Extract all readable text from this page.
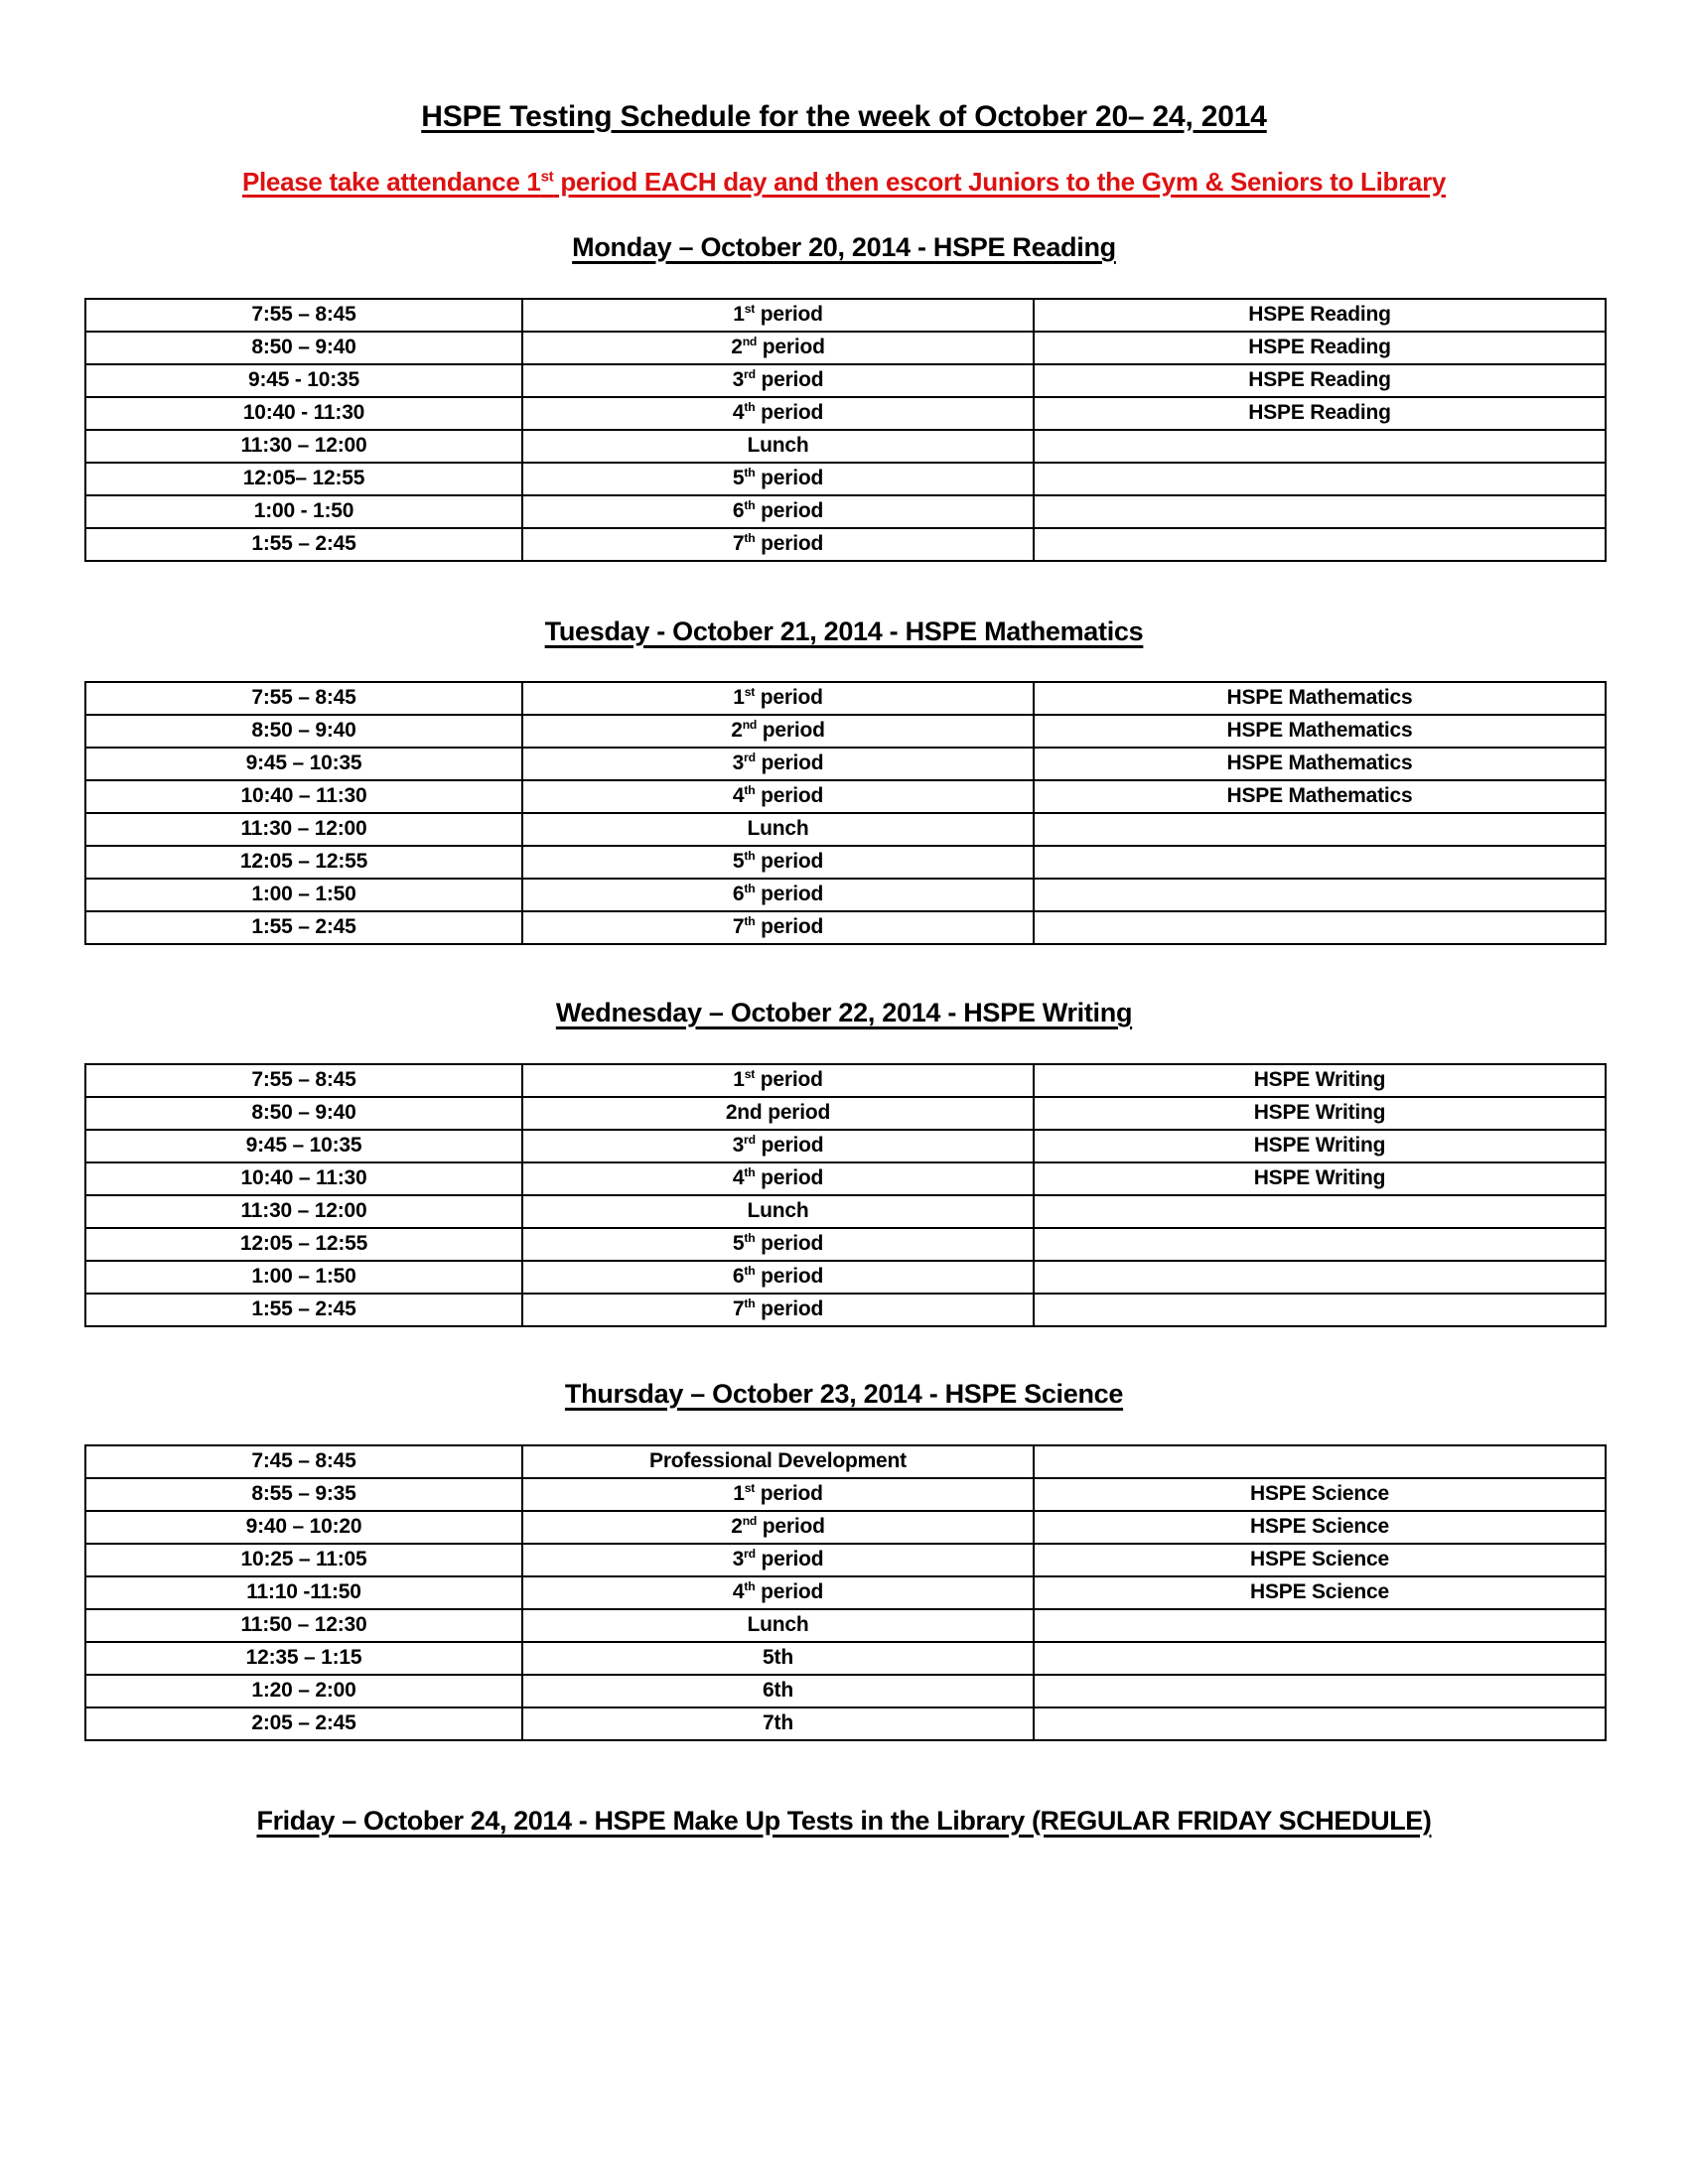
HSPE Testing Schedule for the week of October 20– 24, 2014
Please take attendance 1st period EACH day and then escort Juniors to the Gym & Seniors to Library
Monday – October 20, 2014 - HSPE Reading
7:55 – 8:45	1st period	HSPE Reading
8:50 – 9:40	2nd period	HSPE Reading
9:45 - 10:35	3rd period	HSPE Reading
10:40 - 11:30	4th period	HSPE Reading
11:30 – 12:00	Lunch	
12:05– 12:55	5th period	
1:00 - 1:50	6th period	
1:55 – 2:45	7th period	
Tuesday - October 21, 2014 - HSPE Mathematics
7:55 – 8:45	1st period	HSPE Mathematics
8:50 – 9:40	2nd period	HSPE Mathematics
9:45 – 10:35	3rd period	HSPE Mathematics
10:40 – 11:30	4th period	HSPE Mathematics
11:30 – 12:00	Lunch	
12:05 – 12:55	5th period	
1:00 – 1:50	6th period	
1:55 – 2:45	7th period	
Wednesday – October 22, 2014 - HSPE Writing
7:55 – 8:45	1st period	HSPE Writing
8:50 – 9:40	2nd period	HSPE Writing
9:45 – 10:35	3rd period	HSPE Writing
10:40 – 11:30	4th period	HSPE Writing
11:30 – 12:00	Lunch	
12:05 – 12:55	5th period	
1:00 – 1:50	6th period	
1:55 – 2:45	7th period	
Thursday – October 23, 2014 - HSPE Science
7:45 – 8:45	Professional Development	
8:55 – 9:35	1st period	HSPE Science
9:40 – 10:20	2nd period	HSPE Science
10:25 – 11:05	3rd period	HSPE Science
11:10 -11:50	4th period	HSPE Science
11:50 – 12:30	Lunch	
12:35 – 1:15	5th	
1:20 – 2:00	6th	
2:05 – 2:45	7th	
Friday – October 24, 2014 - HSPE Make Up Tests in the Library (REGULAR FRIDAY SCHEDULE)
